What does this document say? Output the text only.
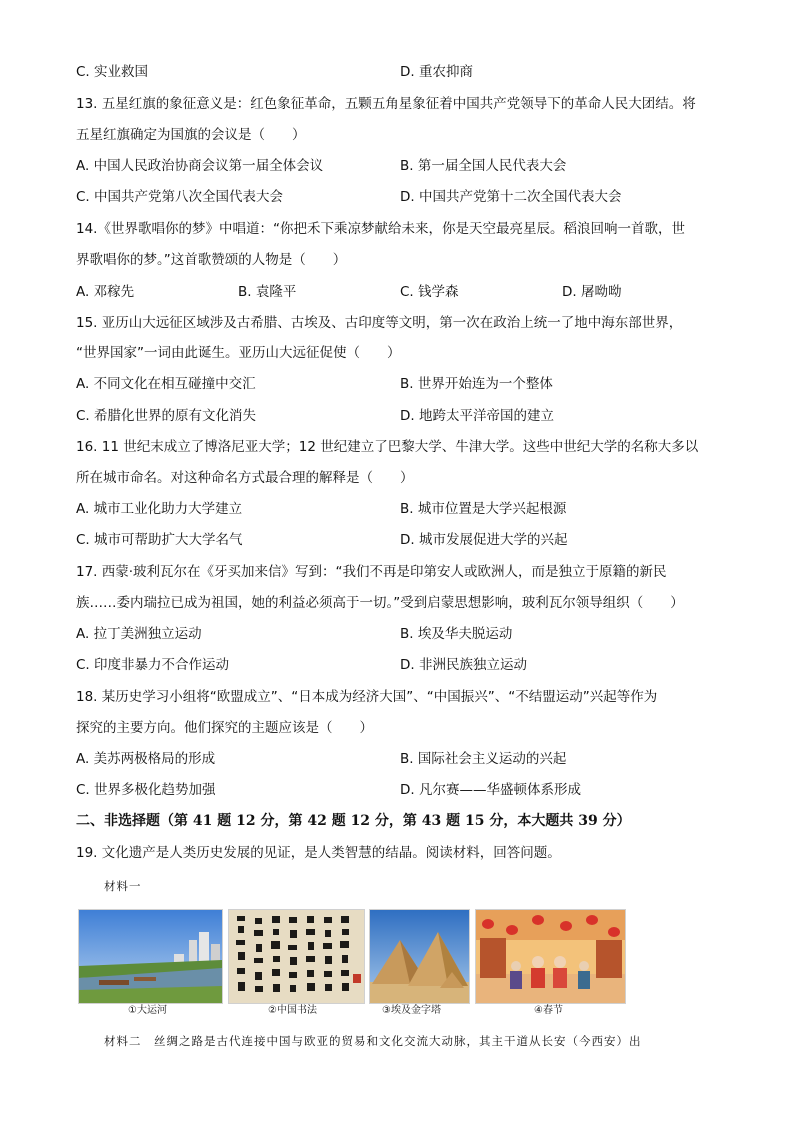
C. 实业救国	D. 重农抑商
13. 五星红旗的象征意义是：红色象征革命，五颗五角星象征着中国共产党领导下的革命人民大团结。将
五星红旗确定为国旗的会议是（　　）
A. 中国人民政治协商会议第一届全体会议	B. 第一届全国人民代表大会
C. 中国共产党第八次全国代表大会	D. 中国共产党第十二次全国代表大会
14.《世界歌唱你的梦》中唱道：“你把禾下乘凉梦献给未来，你是天空最亮星辰。稻浪回响一首歌，世
界歌唱你的梦。”这首歌赞颂的人物是（　　）
A. 邓稼先	B. 袁隆平	C. 钱学森	D. 屠呦呦
15. 亚历山大远征区域涉及古希腊、古埃及、古印度等文明，第一次在政治上统一了地中海东部世界，
“世界国家”一词由此诞生。亚历山大远征促使（　　）
A. 不同文化在相互碰撞中交汇	B. 世界开始连为一个整体
C. 希腊化世界的原有文化消失	D. 地跨太平洋帝国的建立
16. 11 世纪末成立了博洛尼亚大学；12 世纪建立了巴黎大学、牛津大学。这些中世纪大学的名称大多以
所在城市命名。对这种命名方式最合理的解释是（　　）
A. 城市工业化助力大学建立	B. 城市位置是大学兴起根源
C. 城市可帮助扩大大学名气	D. 城市发展促进大学的兴起
17. 西蒙·玻利瓦尔在《牙买加来信》写到：“我们不再是印第安人或欧洲人，而是独立于原籍的新民
族……委内瑞拉已成为祖国，她的利益必须高于一切。”受到启蒙思想影响，玻利瓦尔领导组织（　　）
A. 拉丁美洲独立运动	B. 埃及华夫脱运动
C. 印度非暴力不合作运动	D. 非洲民族独立运动
18. 某历史学习小组将“欧盟成立”、“日本成为经济大国”、“中国振兴”、“不结盟运动”兴起等作为
探究的主要方向。他们探究的主题应该是（　　）
A. 美苏两极格局的形成	B. 国际社会主义运动的兴起
C. 世界多极化趋势加强	D. 凡尔赛——华盛顿体系形成
二、非选择题（第 41 题 12 分，第 42 题 12 分，第 43 题 15 分，本大题共 39 分）
19. 文化遗产是人类历史发展的见证，是人类智慧的结晶。阅读材料，回答问题。
材料一
①大运河	②中国书法	③埃及金字塔	④春节
材料二　丝绸之路是古代连接中国与欧亚的贸易和文化交流大动脉，其主干道从长安（今西安）出
